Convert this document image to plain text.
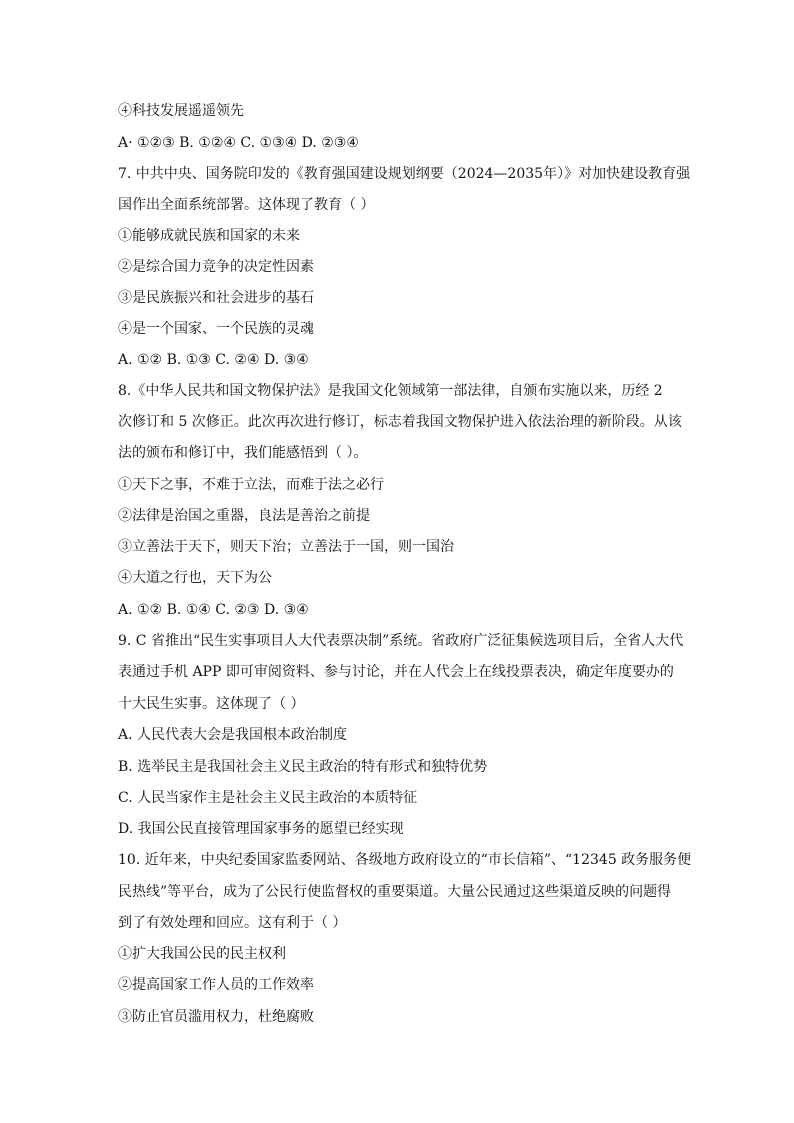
④科技发展遥遥领先
A· ①②③ B. ①②④ C. ①③④ D. ②③④
7. 中共中央、国务院印发的《教育强国建设规划纲要（2024—2035年）》对加快建设教育强
国作出全面系统部署。这体现了教育（ ）
①能够成就民族和国家的未来
②是综合国力竞争的决定性因素
③是民族振兴和社会进步的基石
④是一个国家、一个民族的灵魂
A. ①② B. ①③ C. ②④ D. ③④
8.《中华人民共和国文物保护法》是我国文化领域第一部法律，自颁布实施以来，历经 2
次修订和 5 次修正。此次再次进行修订，标志着我国文物保护进入依法治理的新阶段。从该
法的颁布和修订中，我们能感悟到（ ）。
①天下之事，不难于立法，而难于法之必行
②法律是治国之重器，良法是善治之前提
③立善法于天下，则天下治；立善法于一国，则一国治
④大道之行也，天下为公
A. ①② B. ①④ C. ②③ D. ③④
9. C 省推出“民生实事项目人大代表票决制”系统。省政府广泛征集候选项目后，全省人大代
表通过手机 APP 即可审阅资料、参与讨论，并在人代会上在线投票表决，确定年度要办的
十大民生实事。这体现了（ ）
A. 人民代表大会是我国根本政治制度
B. 选举民主是我国社会主义民主政治的特有形式和独特优势
C. 人民当家作主是社会主义民主政治的本质特征
D. 我国公民直接管理国家事务的愿望已经实现
10. 近年来，中央纪委国家监委网站、各级地方政府设立的“市长信箱”、“12345 政务服务便
民热线”等平台，成为了公民行使监督权的重要渠道。大量公民通过这些渠道反映的问题得
到了有效处理和回应。这有利于（ ）
①扩大我国公民的民主权利
②提高国家工作人员的工作效率
③防止官员滥用权力，杜绝腐败
